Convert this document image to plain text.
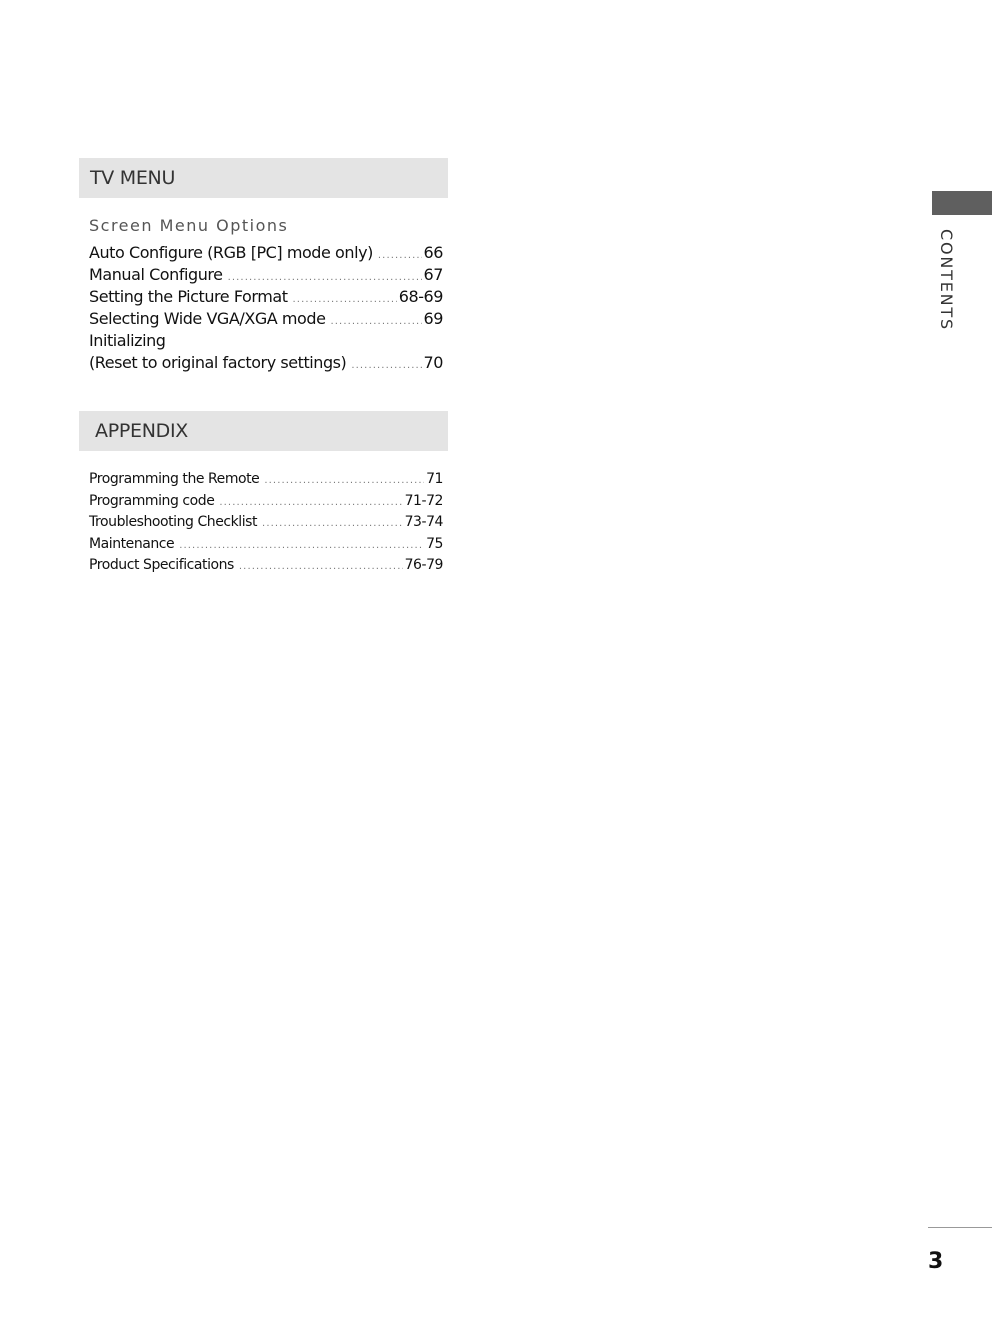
TV MENU
Screen Menu Options
Auto Configure (RGB [PC] mode only) .....	66
Manual Configure .....	67
Setting the Picture Format .....	68-69
Selecting Wide VGA/XGA mode .....	69
Initializing
(Reset to original factory settings) .....	70
APPENDIX
Programming the Remote .....	71
Programming code .....	71-72
Troubleshooting Checklist .....	73-74
Maintenance .....	75
Product Specifications .....	76-79
CONTENTS
3
